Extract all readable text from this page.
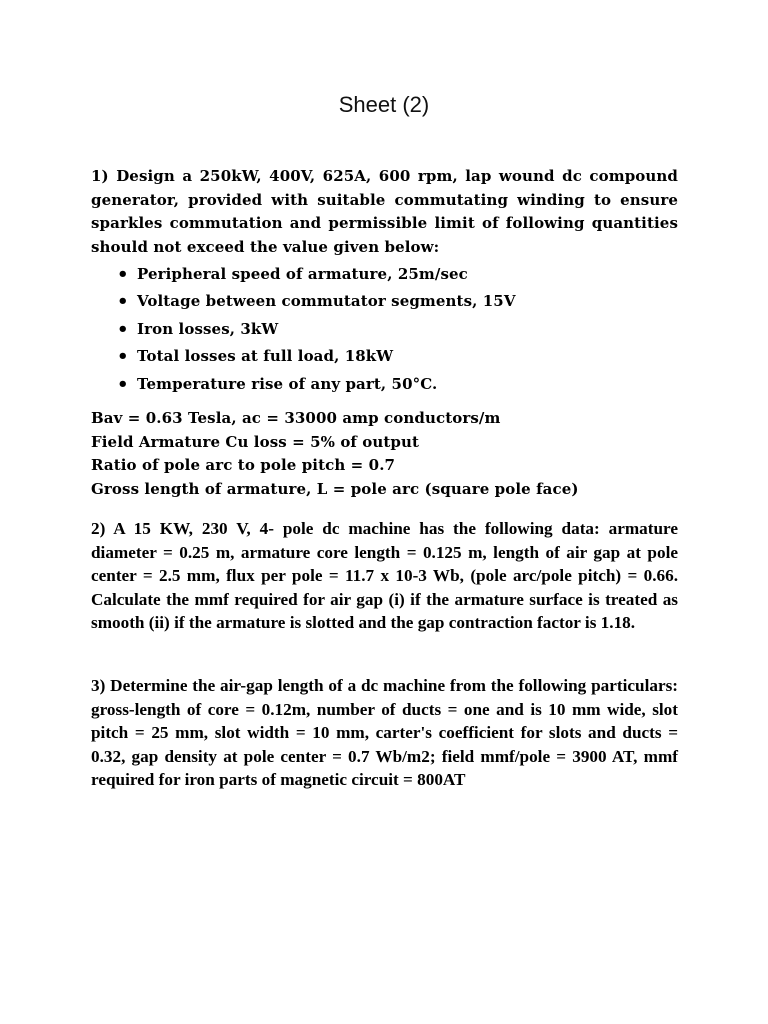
Sheet (2)

1) Design a 250kW, 400V, 625A, 600 rpm, lap wound dc compound generator, provided with suitable commutating winding to ensure sparkles commutation and permissible limit of following quantities should not exceed the value given below:

• Peripheral speed of armature, 25m/sec
• Voltage between commutator segments, 15V
• Iron losses, 3kW
• Total losses at full load, 18kW
• Temperature rise of any part, 50°C.
Bav = 0.63 Tesla, ac = 33000 amp conductors/m
Field Armature Cu loss = 5% of output
Ratio of pole arc to pole pitch = 0.7
Gross length of armature, L = pole arc (square pole face)

2) A 15 KW, 230 V, 4- pole dc machine has the following data: armature diameter = 0.25 m, armature core length = 0.125 m, length of air gap at pole center = 2.5 mm, flux per pole = 11.7 x 10-3 Wb, (pole arc/pole pitch) = 0.66. Calculate the mmf required for air gap (i) if the armature surface is treated as smooth (ii) if the armature is slotted and the gap contraction factor is 1.18.

3) Determine the air-gap length of a dc machine from the following particulars: gross-length of core = 0.12m, number of ducts = one and is 10 mm wide, slot pitch = 25 mm, slot width = 10 mm, carter's coefficient for slots and ducts = 0.32, gap density at pole center = 0.7 Wb/m2; field mmf/pole = 3900 AT, mmf required for iron parts of magnetic circuit = 800AT
